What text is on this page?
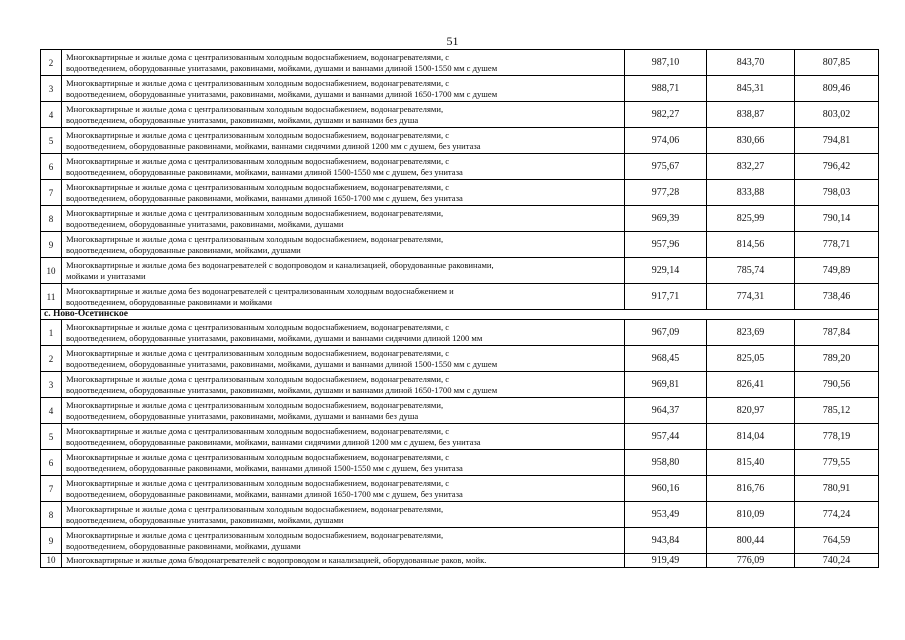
51
2	Многоквартирные и жилые дома с централизованным холодным водоснабжением, водонагревателями, с
водоотведением, оборудованные унитазами, раковинами, мойками, душами и ваннами длиной 1500-1550 мм с душем	987,10	843,70	807,85
3	Многоквартирные и жилые дома с централизованным холодным водоснабжением, водонагревателями, с
водоотведением, оборудованные унитазами, раковинами, мойками, душами и ваннами длиной 1650-1700 мм с душем	988,71	845,31	809,46
4	Многоквартирные и жилые дома с централизованным холодным водоснабжением, водонагревателями,
водоотведением, оборудованные унитазами, раковинами, мойками, душами и ваннами без душа	982,27	838,87	803,02
5	Многоквартирные и жилые дома с централизованным холодным водоснабжением, водонагревателями, с
водоотведением, оборудованные раковинами, мойками, ваннами сидячими длиной 1200 мм с душем, без унитаза	974,06	830,66	794,81
6	Многоквартирные и жилые дома с централизованным холодным водоснабжением, водонагревателями, с
водоотведением, оборудованные раковинами, мойками, ваннами длиной 1500-1550 мм с душем, без унитаза	975,67	832,27	796,42
7	Многоквартирные и жилые дома с централизованным холодным водоснабжением, водонагревателями, с
водоотведением, оборудованные раковинами, мойками, ваннами длиной 1650-1700 мм с душем, без унитаза	977,28	833,88	798,03
8	Многоквартирные и жилые дома с централизованным холодным водоснабжением, водонагревателями,
водоотведением, оборудованные унитазами, раковинами, мойками, душами	969,39	825,99	790,14
9	Многоквартирные и жилые дома с централизованным холодным водоснабжением, водонагревателями,
водоотведением, оборудованные раковинами, мойками, душами	957,96	814,56	778,71
10	Многоквартирные и жилые дома без водонагревателей с водопроводом и канализацией, оборудованные раковинами,
мойками и унитазами	929,14	785,74	749,89
11	Многоквартирные и жилые дома без водонагревателей с централизованным холодным водоснабжением и
водоотведением, оборудованные раковинами и мойками	917,71	774,31	738,46
с. Ново-Осетинское				
1	Многоквартирные и жилые дома с централизованным холодным водоснабжением, водонагревателями, с
водоотведением, оборудованные унитазами, раковинами, мойками, душами и ваннами сидячими длиной 1200 мм	967,09	823,69	787,84
2	Многоквартирные и жилые дома с централизованным холодным водоснабжением, водонагревателями, с
водоотведением, оборудованные унитазами, раковинами, мойками, душами и ваннами длиной 1500-1550 мм с душем	968,45	825,05	789,20
3	Многоквартирные и жилые дома с централизованным холодным водоснабжением, водонагревателями, с
водоотведением, оборудованные унитазами, раковинами, мойками, душами и ваннами длиной 1650-1700 мм с душем	969,81	826,41	790,56
4	Многоквартирные и жилые дома с централизованным холодным водоснабжением, водонагревателями,
водоотведением, оборудованные унитазами, раковинами, мойками, душами и ваннами без душа	964,37	820,97	785,12
5	Многоквартирные и жилые дома с централизованным холодным водоснабжением, водонагревателями, с
водоотведением, оборудованные раковинами, мойками, ваннами сидячими длиной 1200 мм с душем, без унитаза	957,44	814,04	778,19
6	Многоквартирные и жилые дома с централизованным холодным водоснабжением, водонагревателями, с
водоотведением, оборудованные раковинами, мойками, ваннами длиной 1500-1550 мм с душем, без унитаза	958,80	815,40	779,55
7	Многоквартирные и жилые дома с централизованным холодным водоснабжением, водонагревателями, с
водоотведением, оборудованные раковинами, мойками, ваннами длиной 1650-1700 мм с душем, без унитаза	960,16	816,76	780,91
8	Многоквартирные и жилые дома с централизованным холодным водоснабжением, водонагревателями,
водоотведением, оборудованные унитазами, раковинами, мойками, душами	953,49	810,09	774,24
9	Многоквартирные и жилые дома с централизованным холодным водоснабжением, водонагревателями,
водоотведением, оборудованные раковинами, мойками, душами	943,84	800,44	764,59
10	Многоквартирные и жилые дома б/водонагревателей с водопроводом и канализацией, оборудованные раков, мойк.	919,49	776,09	740,24
